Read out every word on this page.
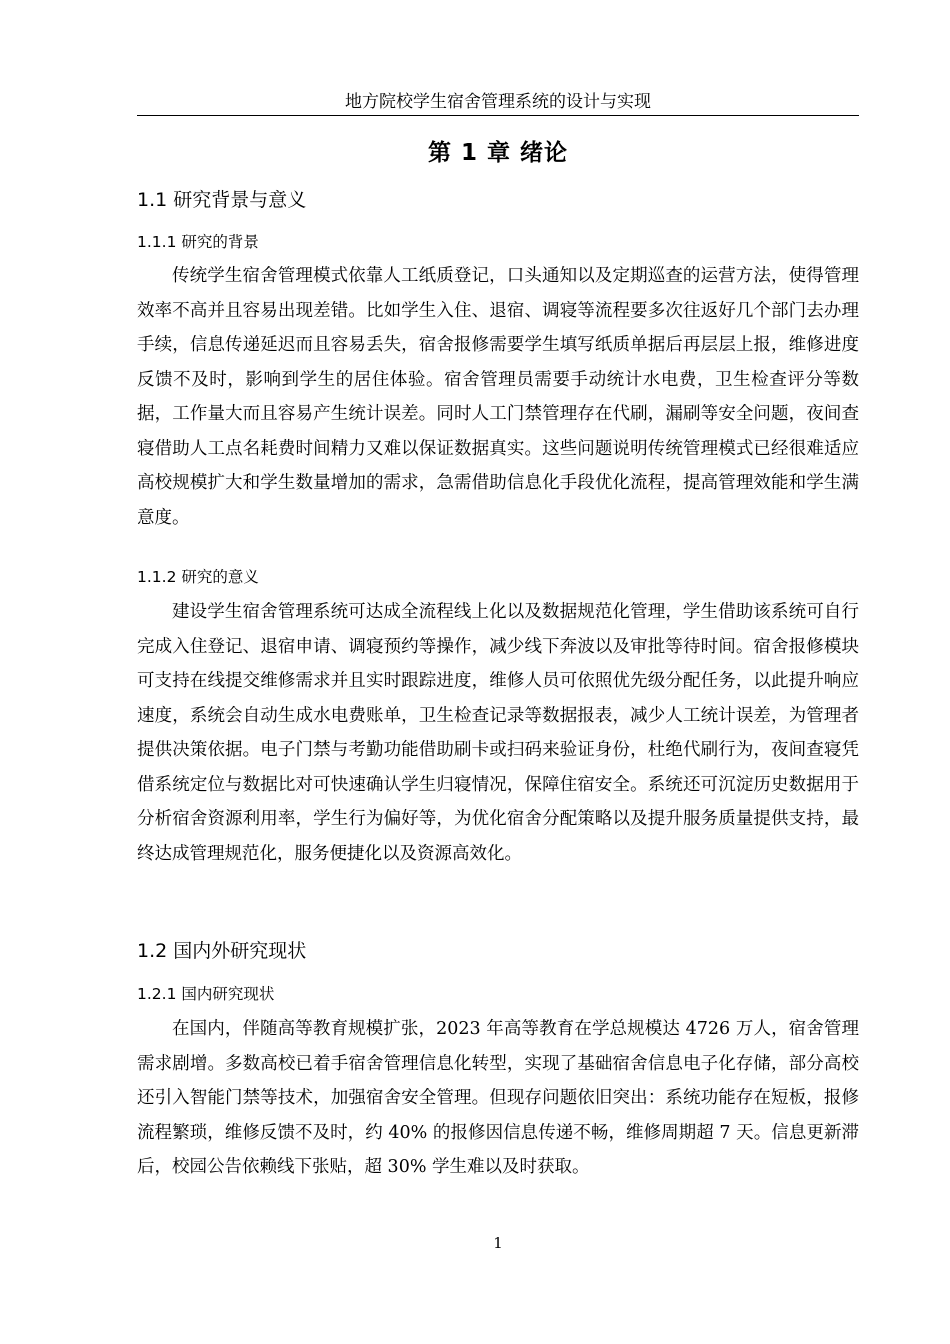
地方院校学生宿舍管理系统的设计与实现
第 1 章 绪论
1.1 研究背景与意义
1.1.1 研究的背景

传统学生宿舍管理模式依靠人工纸质登记，口头通知以及定期巡查的运营方法，使得管理效率不高并且容易出现差错。比如学生入住、退宿、调寝等流程要多次往返好几个部门去办理手续，信息传递延迟而且容易丢失，宿舍报修需要学生填写纸质单据后再层层上报，维修进度反馈不及时，影响到学生的居住体验。宿舍管理员需要手动统计水电费，卫生检查评分等数据，工作量大而且容易产生统计误差。同时人工门禁管理存在代刷，漏刷等安全问题，夜间查寝借助人工点名耗费时间精力又难以保证数据真实。这些问题说明传统管理模式已经很难适应高校规模扩大和学生数量增加的需求，急需借助信息化手段优化流程，提高管理效能和学生满意度。

1.1.2 研究的意义

建设学生宿舍管理系统可达成全流程线上化以及数据规范化管理，学生借助该系统可自行完成入住登记、退宿申请、调寝预约等操作，减少线下奔波以及审批等待时间。宿舍报修模块可支持在线提交维修需求并且实时跟踪进度，维修人员可依照优先级分配任务，以此提升响应速度，系统会自动生成水电费账单，卫生检查记录等数据报表，减少人工统计误差，为管理者提供决策依据。电子门禁与考勤功能借助刷卡或扫码来验证身份，杜绝代刷行为，夜间查寝凭借系统定位与数据比对可快速确认学生归寝情况，保障住宿安全。系统还可沉淀历史数据用于分析宿舍资源利用率，学生行为偏好等，为优化宿舍分配策略以及提升服务质量提供支持，最终达成管理规范化，服务便捷化以及资源高效化。

1.2 国内外研究现状
1.2.1 国内研究现状

在国内，伴随高等教育规模扩张，2023 年高等教育在学总规模达 4726 万人，宿舍管理需求剧增。多数高校已着手宿舍管理信息化转型，实现了基础宿舍信息电子化存储，部分高校还引入智能门禁等技术，加强宿舍安全管理。但现存问题依旧突出：系统功能存在短板，报修流程繁琐，维修反馈不及时，约 40% 的报修因信息传递不畅，维修周期超 7 天。信息更新滞后，校园公告依赖线下张贴，超 30% 学生难以及时获取。

1
